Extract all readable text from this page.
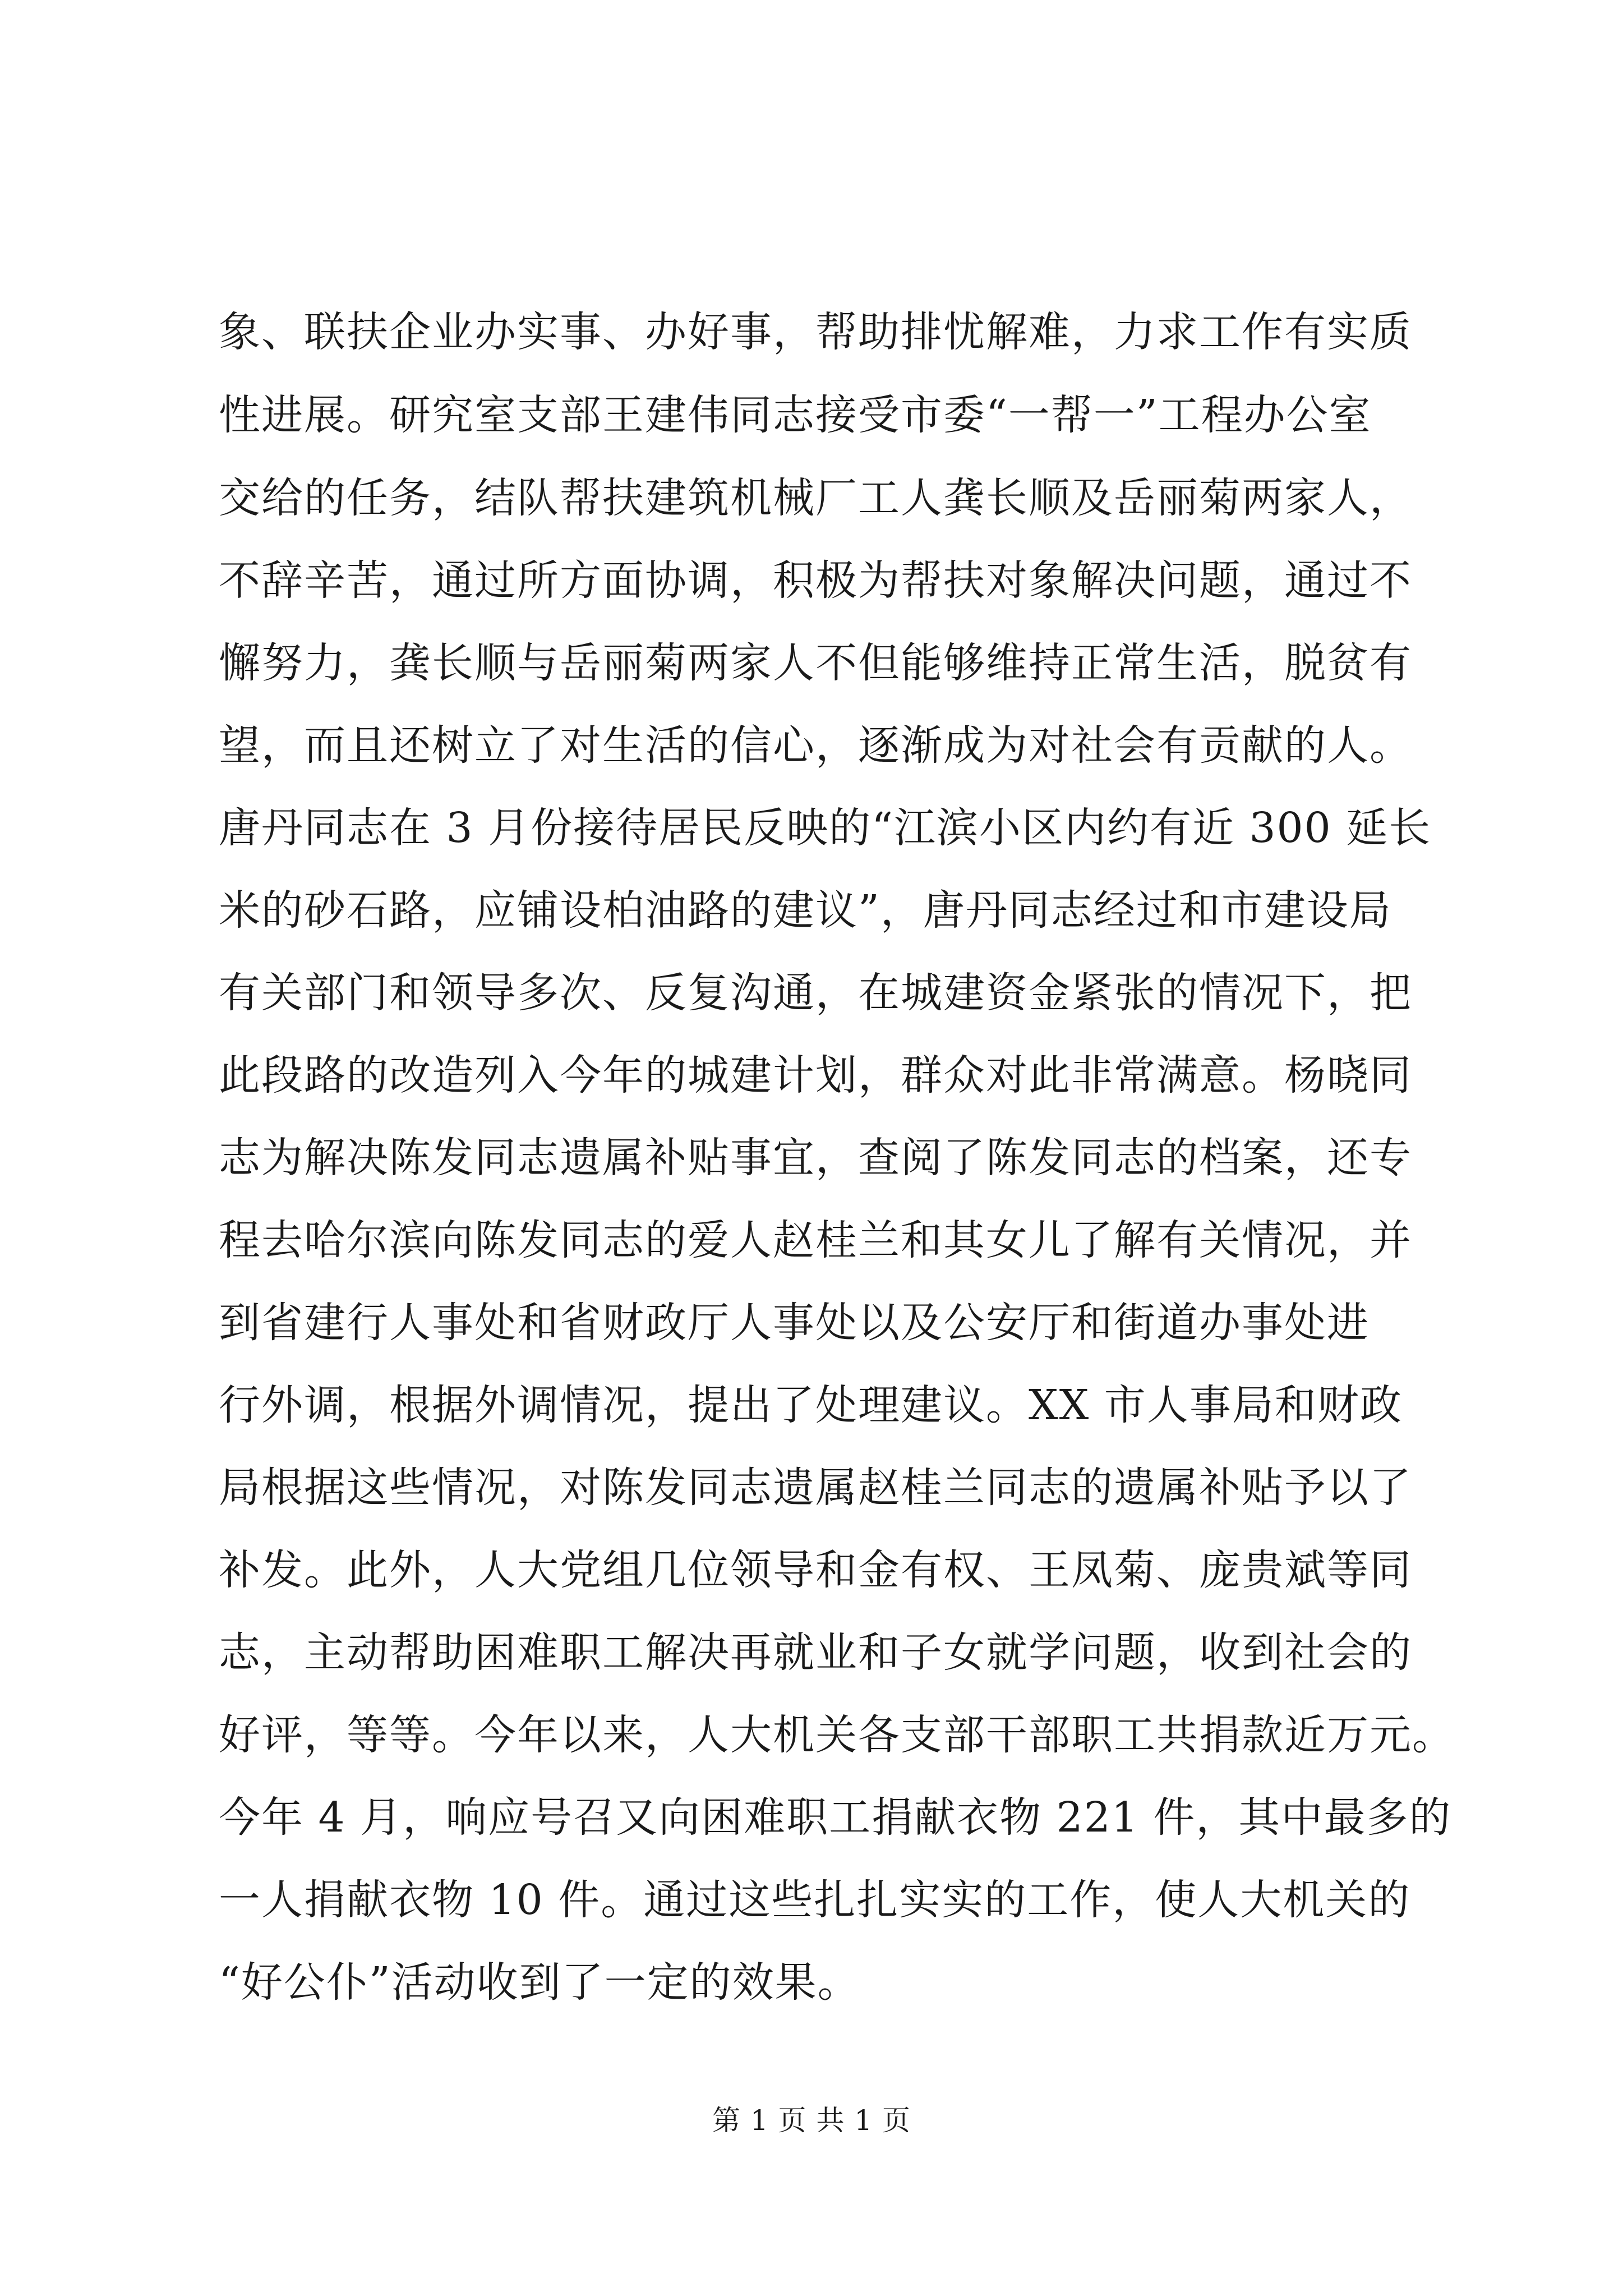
象、联扶企业办实事、办好事，帮助排忧解难，力求工作有实质
性进展。研究室支部王建伟同志接受市委“一帮一”工程办公室
交给的任务，结队帮扶建筑机械厂工人龚长顺及岳丽菊两家人，
不辞辛苦，通过所方面协调，积极为帮扶对象解决问题，通过不
懈努力，龚长顺与岳丽菊两家人不但能够维持正常生活，脱贫有
望，而且还树立了对生活的信心，逐渐成为对社会有贡献的人。
唐丹同志在 3 月份接待居民反映的“江滨小区内约有近 300 延长
米的砂石路，应铺设柏油路的建议”，唐丹同志经过和市建设局
有关部门和领导多次、反复沟通，在城建资金紧张的情况下，把
此段路的改造列入今年的城建计划，群众对此非常满意。杨晓同
志为解决陈发同志遗属补贴事宜，查阅了陈发同志的档案，还专
程去哈尔滨向陈发同志的爱人赵桂兰和其女儿了解有关情况，并
到省建行人事处和省财政厅人事处以及公安厅和街道办事处进
行外调，根据外调情况，提出了处理建议。XX 市人事局和财政
局根据这些情况，对陈发同志遗属赵桂兰同志的遗属补贴予以了
补发。此外，人大党组几位领导和金有权、王凤菊、庞贵斌等同
志，主动帮助困难职工解决再就业和子女就学问题，收到社会的
好评，等等。今年以来，人大机关各支部干部职工共捐款近万元。
今年 4 月，响应号召又向困难职工捐献衣物 221 件，其中最多的
一人捐献衣物 10 件。通过这些扎扎实实的工作，使人大机关的
“好公仆”活动收到了一定的效果。
第 1 页 共 1 页
